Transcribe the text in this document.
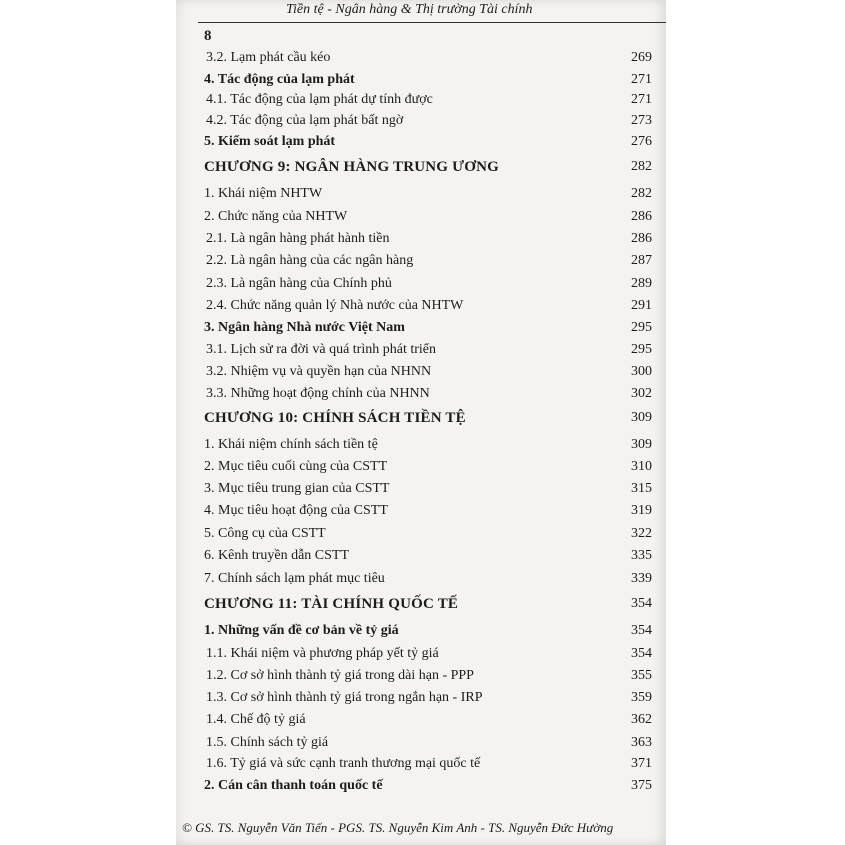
Tiền tệ - Ngân hàng & Thị trường Tài chính
8
3.2. Lạm phát cầu kéo	269
4. Tác động của lạm phát	271
4.1. Tác động của lạm phát dự tính được	271
4.2. Tác động của lạm phát bất ngờ	273
5. Kiểm soát lạm phát	276
CHƯƠNG 9: NGÂN HÀNG TRUNG ƯƠNG	282
1. Khái niệm NHTW	282
2. Chức năng của NHTW	286
2.1. Là ngân hàng phát hành tiền	286
2.2. Là ngân hàng của các ngân hàng	287
2.3. Là ngân hàng của Chính phủ	289
2.4. Chức năng quản lý Nhà nước của NHTW	291
3. Ngân hàng Nhà nước Việt Nam	295
3.1. Lịch sử ra đời và quá trình phát triển	295
3.2. Nhiệm vụ và quyền hạn của NHNN	300
3.3. Những hoạt động chính của NHNN	302
CHƯƠNG 10: CHÍNH SÁCH TIỀN TỆ	309
1. Khái niệm chính sách tiền tệ	309
2. Mục tiêu cuối cùng của CSTT	310
3. Mục tiêu trung gian của CSTT	315
4. Mục tiêu hoạt động của CSTT	319
5. Công cụ của CSTT	322
6. Kênh truyền dẫn CSTT	335
7. Chính sách lạm phát mục tiêu	339
CHƯƠNG 11: TÀI CHÍNH QUỐC TẾ	354
1. Những vấn đề cơ bản về tỷ giá	354
1.1. Khái niệm và phương pháp yết tỷ giá	354
1.2. Cơ sở hình thành tỷ giá trong dài hạn - PPP	355
1.3. Cơ sở hình thành tỷ giá trong ngắn hạn - IRP	359
1.4. Chế độ tỷ giá	362
1.5. Chính sách tỷ giá	363
1.6. Tỷ giá và sức cạnh tranh thương mại quốc tế	371
2. Cán cân thanh toán quốc tế	375
© GS. TS. Nguyễn Văn Tiến - PGS. TS. Nguyễn Kim Anh - TS. Nguyễn Đức Hường
